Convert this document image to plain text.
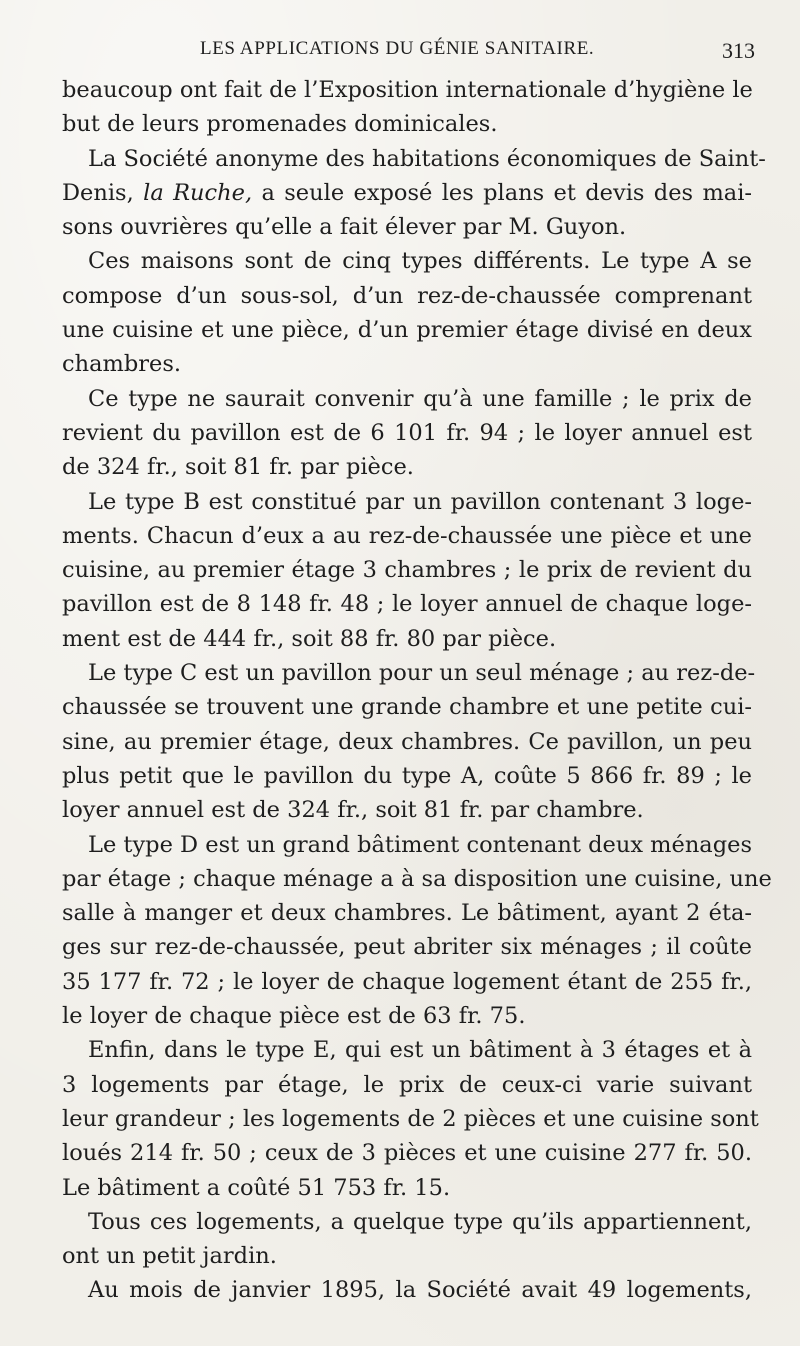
LES APPLICATIONS DU GÉNIE SANITAIRE.	313
beaucoup ont fait de l’Exposition internationale d’hygiène le
but de leurs promenades dominicales.
La Société anonyme des habitations économiques de Saint-
Denis, la Ruche, a seule exposé les plans et devis des mai-
sons ouvrières qu’elle a fait élever par M. Guyon.
Ces maisons sont de cinq types différents. Le type A se
compose d’un sous-sol, d’un rez-de-chaussée comprenant
une cuisine et une pièce, d’un premier étage divisé en deux
chambres.
Ce type ne saurait convenir qu’à une famille ; le prix de
revient du pavillon est de 6 101 fr. 94 ; le loyer annuel est
de 324 fr., soit 81 fr. par pièce.
Le type B est constitué par un pavillon contenant 3 loge-
ments. Chacun d’eux a au rez-de-chaussée une pièce et une
cuisine, au premier étage 3 chambres ; le prix de revient du
pavillon est de 8 148 fr. 48 ; le loyer annuel de chaque loge-
ment est de 444 fr., soit 88 fr. 80 par pièce.
Le type C est un pavillon pour un seul ménage ; au rez-de-
chaussée se trouvent une grande chambre et une petite cui-
sine, au premier étage, deux chambres. Ce pavillon, un peu
plus petit que le pavillon du type A, coûte 5 866 fr. 89 ; le
loyer annuel est de 324 fr., soit 81 fr. par chambre.
Le type D est un grand bâtiment contenant deux ménages
par étage ; chaque ménage a à sa disposition une cuisine, une
salle à manger et deux chambres. Le bâtiment, ayant 2 éta-
ges sur rez-de-chaussée, peut abriter six ménages ; il coûte
35 177 fr. 72 ; le loyer de chaque logement étant de 255 fr.,
le loyer de chaque pièce est de 63 fr. 75.
Enfin, dans le type E, qui est un bâtiment à 3 étages et à
3 logements par étage, le prix de ceux-ci varie suivant
leur grandeur ; les logements de 2 pièces et une cuisine sont
loués 214 fr. 50 ; ceux de 3 pièces et une cuisine 277 fr. 50.
Le bâtiment a coûté 51 753 fr. 15.
Tous ces logements, a quelque type qu’ils appartiennent,
ont un petit jardin.
Au mois de janvier 1895, la Société avait 49 logements,
